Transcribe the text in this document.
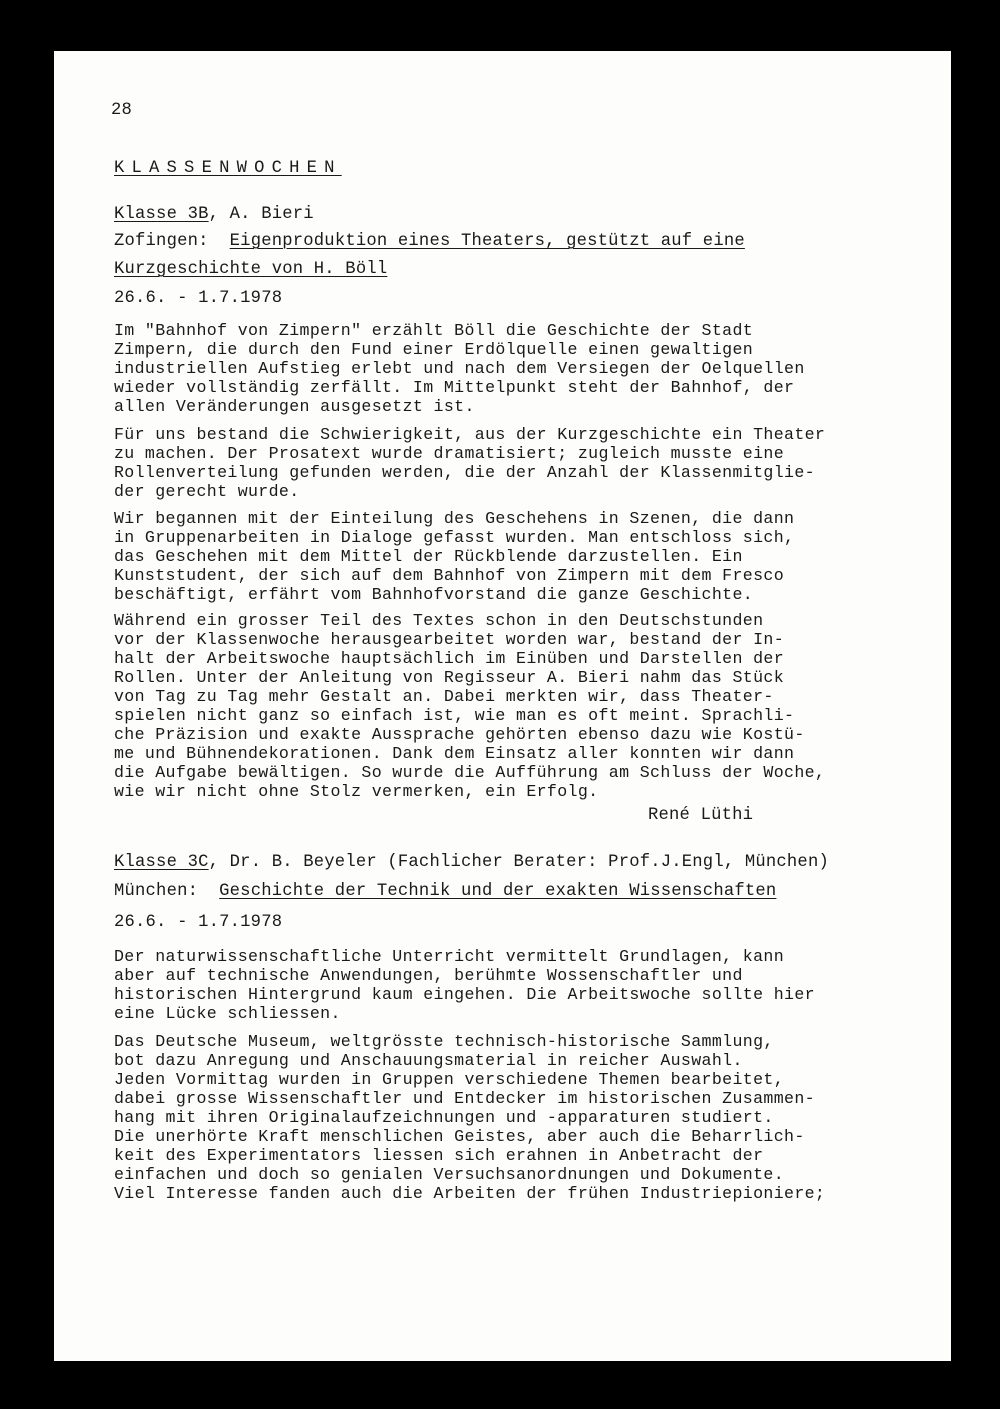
28
KLASSENWOCHEN
Klasse 3B, A. Bieri
Zofingen: Eigenproduktion eines Theaters, gestützt auf eine
Kurzgeschichte von H. Böll
26.6. - 1.7.1978
Im "Bahnhof von Zimpern" erzählt Böll die Geschichte der Stadt
Zimpern, die durch den Fund einer Erdölquelle einen gewaltigen
industriellen Aufstieg erlebt und nach dem Versiegen der Oelquellen
wieder vollständig zerfällt. Im Mittelpunkt steht der Bahnhof, der
allen Veränderungen ausgesetzt ist.
Für uns bestand die Schwierigkeit, aus der Kurzgeschichte ein Theater
zu machen. Der Prosatext wurde dramatisiert; zugleich musste eine
Rollenverteilung gefunden werden, die der Anzahl der Klassenmitglie-
der gerecht wurde.
Wir begannen mit der Einteilung des Geschehens in Szenen, die dann
in Gruppenarbeiten in Dialoge gefasst wurden. Man entschloss sich,
das Geschehen mit dem Mittel der Rückblende darzustellen. Ein
Kunststudent, der sich auf dem Bahnhof von Zimpern mit dem Fresco
beschäftigt, erfährt vom Bahnhofvorstand die ganze Geschichte.
Während ein grosser Teil des Textes schon in den Deutschstunden
vor der Klassenwoche herausgearbeitet worden war, bestand der In-
halt der Arbeitswoche hauptsächlich im Einüben und Darstellen der
Rollen. Unter der Anleitung von Regisseur A. Bieri nahm das Stück
von Tag zu Tag mehr Gestalt an. Dabei merkten wir, dass Theater-
spielen nicht ganz so einfach ist, wie man es oft meint. Sprachli-
che Präzision und exakte Aussprache gehörten ebenso dazu wie Kostü-
me und Bühnendekorationen. Dank dem Einsatz aller konnten wir dann
die Aufgabe bewältigen. So wurde die Aufführung am Schluss der Woche,
wie wir nicht ohne Stolz vermerken, ein Erfolg.
René Lüthi
Klasse 3C, Dr. B. Beyeler (Fachlicher Berater: Prof.J.Engl, München)
München: Geschichte der Technik und der exakten Wissenschaften
26.6. - 1.7.1978
Der naturwissenschaftliche Unterricht vermittelt Grundlagen, kann
aber auf technische Anwendungen, berühmte Wossenschaftler und
historischen Hintergrund kaum eingehen. Die Arbeitswoche sollte hier
eine Lücke schliessen.
Das Deutsche Museum, weltgrösste technisch-historische Sammlung,
bot dazu Anregung und Anschauungsmaterial in reicher Auswahl.
Jeden Vormittag wurden in Gruppen verschiedene Themen bearbeitet,
dabei grosse Wissenschaftler und Entdecker im historischen Zusammen-
hang mit ihren Originalaufzeichnungen und -apparaturen studiert.
Die unerhörte Kraft menschlichen Geistes, aber auch die Beharrlich-
keit des Experimentators liessen sich erahnen in Anbetracht der
einfachen und doch so genialen Versuchsanordnungen und Dokumente.
Viel Interesse fanden auch die Arbeiten der frühen Industriepioniere;
